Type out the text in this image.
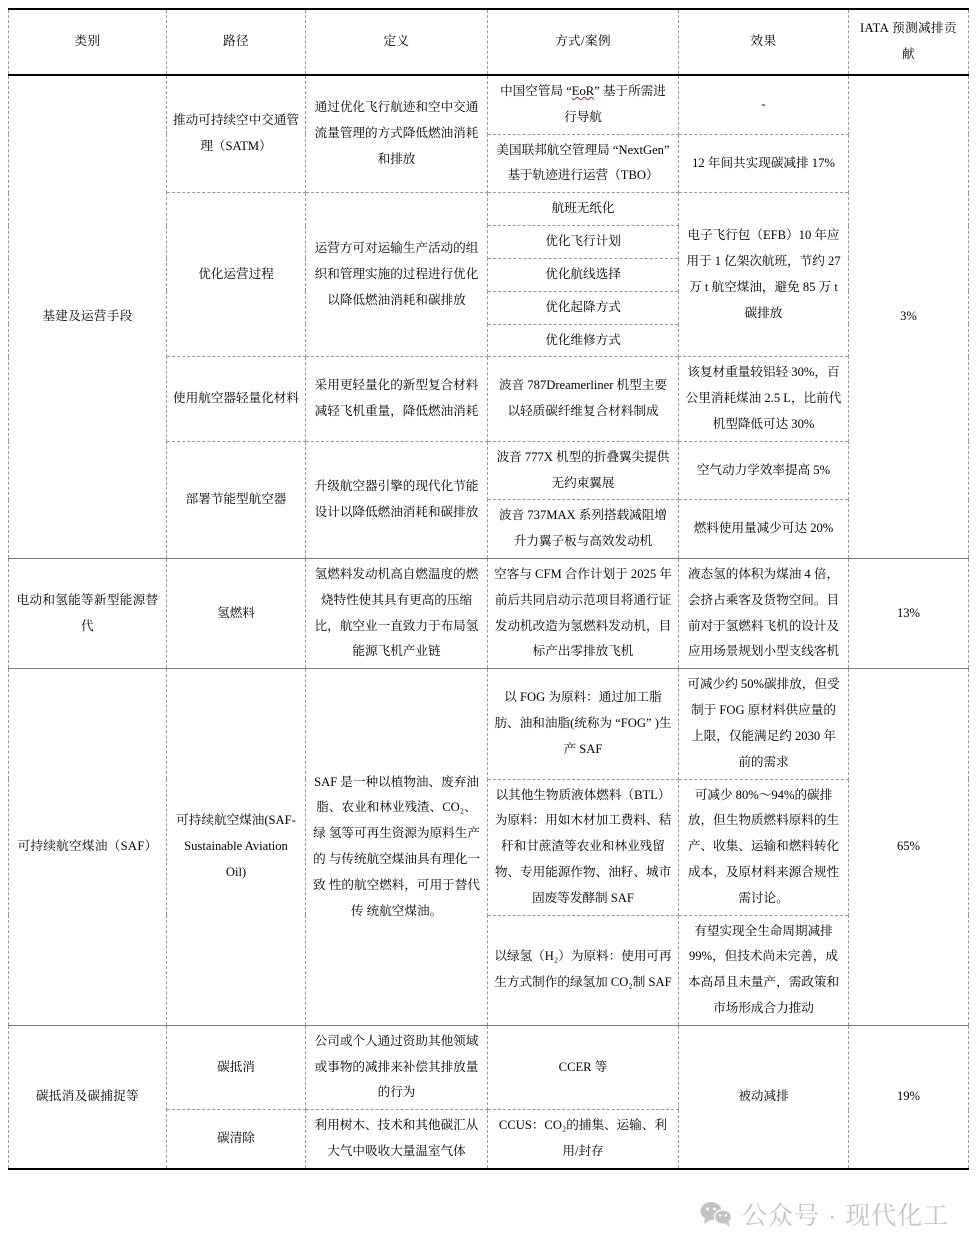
类别	路径	定义	方式/案例	效果	IATA 预测减排贡献
基建及运营手段	推动可持续空中交通管理（SATM）	通过优化飞行航迹和空中交通流量管理的方式降低燃油消耗和排放	中国空管局 “EoR” 基于所需进行导航	-	3%
			美国联邦航空管理局 “NextGen” 基于轨迹进行运营（TBO）	12 年间共实现碳减排 17%	
	优化运营过程	运营方可对运输生产活动的组织和管理实施的过程进行优化以降低燃油消耗和碳排放	航班无纸化	电子飞行包（EFB）10 年应用于 1 亿架次航班，节约 27 万 t 航空煤油，避免 85 万 t 碳排放	
			优化飞行计划		
			优化航线选择		
			优化起降方式		
			优化维修方式		
	使用航空器轻量化材料	采用更轻量化的新型复合材料减轻飞机重量，降低燃油消耗	波音 787Dreamerliner 机型主要以轻质碳纤维复合材料制成	该复材重量较铝轻 30%，百公里消耗煤油 2.5 L，比前代机型降低可达 30%	
	部署节能型航空器	升级航空器引擎的现代化节能设计以降低燃油消耗和碳排放	波音 777X 机型的折叠翼尖提供无约束翼展	空气动力学效率提高 5%	
			波音 737MAX 系列搭载减阻增升力翼子板与高效发动机	燃料使用量减少可达 20%	
电动和氢能等新型能源替代	氢燃料	氢燃料发动机高自燃温度的燃烧特性使其具有更高的压缩比，航空业一直致力于布局氢能源飞机产业链	空客与 CFM 合作计划于 2025 年前后共同启动示范项目将通行证发动机改造为氢燃料发动机，目标产出零排放飞机	液态氢的体积为煤油 4 倍，会挤占乘客及货物空间。目前对于氢燃料飞机的设计及应用场景规划小型支线客机	13%
可持续航空煤油（SAF）	可持续航空煤油(SAF-Sustainable Aviation Oil)	SAF 是一种以植物油、废弃油 脂、农业和林业残渣、CO₂、绿 氢等可再生资源为原料生产的 与传统航空煤油具有理化一致 性的航空燃料，可用于替代传 统航空煤油。	以 FOG 为原料：通过加工脂肪、油和油脂(统称为 “FOG” )生产 SAF	可减少约 50%碳排放，但受制于 FOG 原材料供应量的上限，仅能满足约 2030 年前的需求	65%
			以其他生物质液体燃料（BTL）为原料：用如木材加工费料、秸秆和甘蔗渣等农业和林业残留物、专用能源作物、油籽、城市固废等发酵制 SAF	可减少 80%～94%的碳排放，但生物质燃料原料的生产、收集、运输和燃料转化成本，及原材料来源合规性需讨论。	
			以绿氢（H₂）为原料：使用可再生方式制作的绿氢加 CO₂制 SAF	有望实现全生命周期减排 99%，但技术尚未完善，成本高昂且未量产，需政策和市场形成合力推动	
碳抵消及碳捕捉等	碳抵消	公司或个人通过资助其他领域或事物的减排来补偿其排放量的行为	CCER 等	被动减排	19%
	碳清除	利用树木、技术和其他碳汇从大气中吸收大量温室气体	CCUS：CO₂的捕集、运输、利用/封存		
公众号 · 现代化工
